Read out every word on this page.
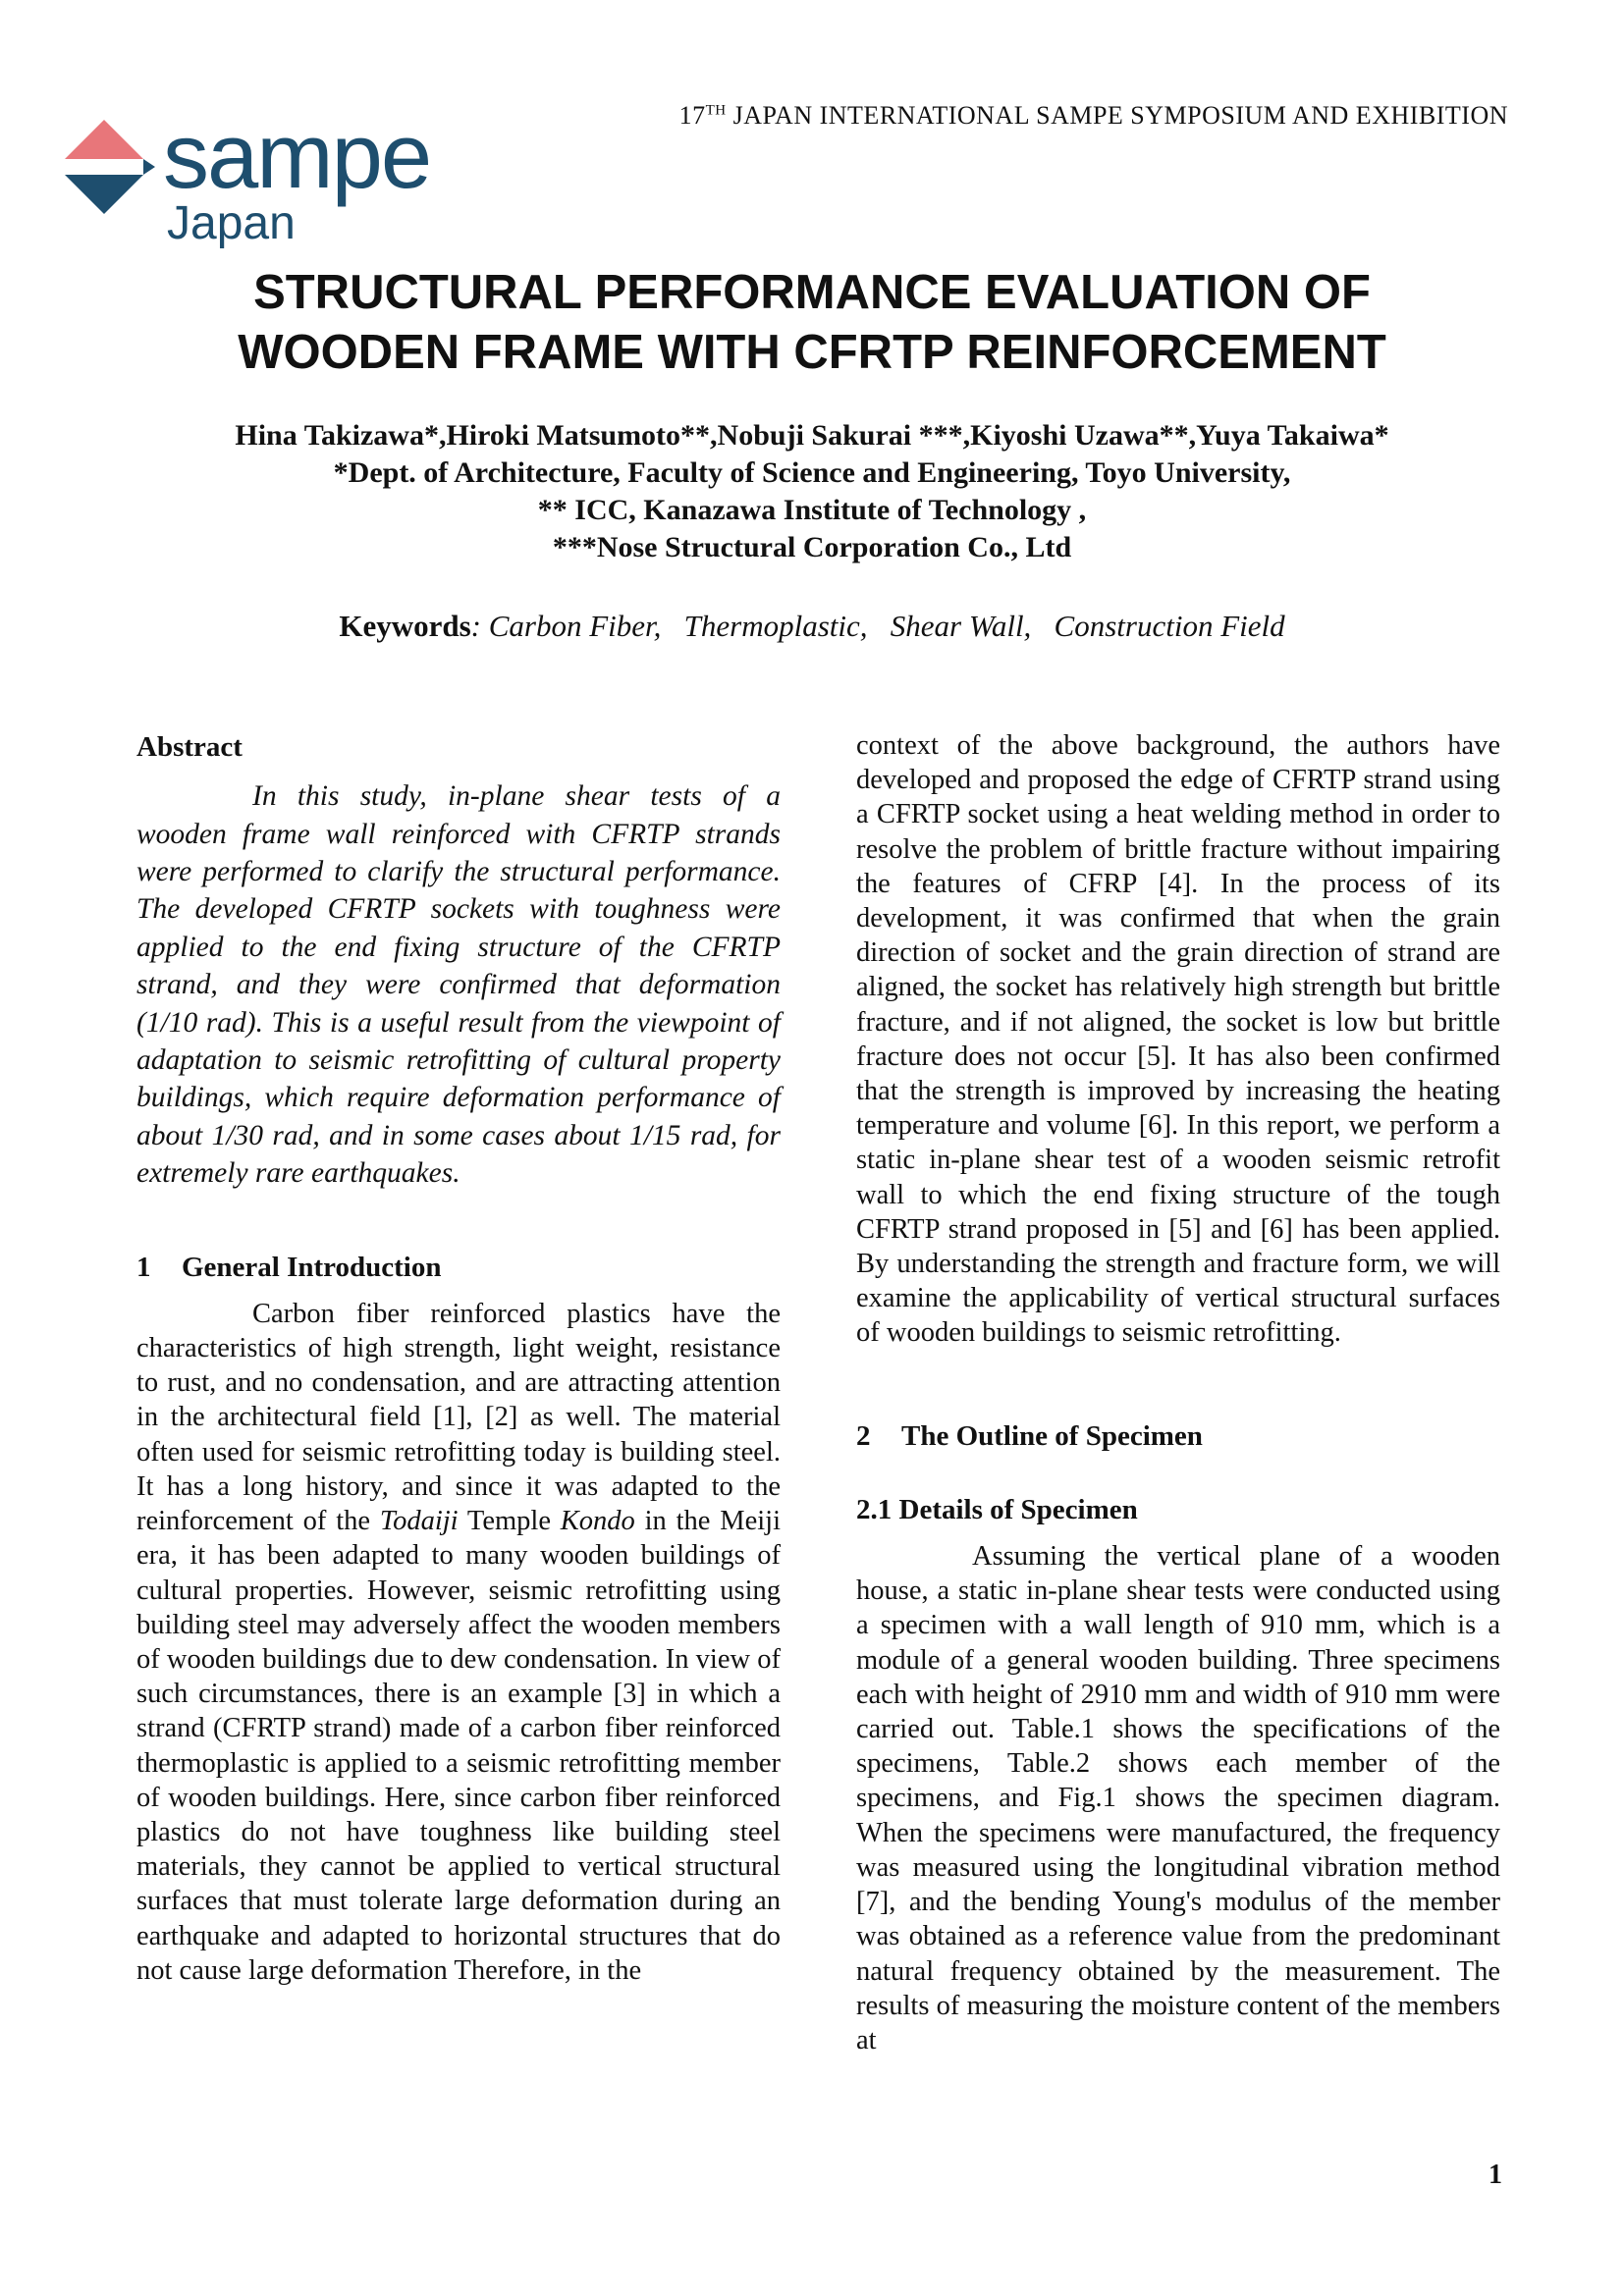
sampe
Japan
17TH JAPAN INTERNATIONAL SAMPE SYMPOSIUM AND EXHIBITION
STRUCTURAL PERFORMANCE EVALUATION OF
WOODEN FRAME WITH CFRTP REINFORCEMENT
Hina Takizawa*,Hiroki Matsumoto**,Nobuji Sakurai ***,Kiyoshi Uzawa**,Yuya Takaiwa*
*Dept. of Architecture, Faculty of Science and Engineering, Toyo University,
** ICC, Kanazawa Institute of Technology ,
***Nose Structural Corporation Co., Ltd
Keywords: Carbon Fiber,   Thermoplastic,   Shear Wall,   Construction Field

Abstract

In this study, in-plane shear tests of a wooden frame wall reinforced with CFRTP strands were performed to clarify the structural performance. The developed CFRTP sockets with toughness were applied to the end fixing structure of the CFRTP strand, and they were confirmed that deformation (1/10 rad). This is a useful result from the viewpoint of adaptation to seismic retrofitting of cultural property buildings, which require deformation performance of about 1/30 rad, and in some cases about 1/15 rad, for extremely rare earthquakes.

1 General Introduction

Carbon fiber reinforced plastics have the characteristics of high strength, light weight, resistance to rust, and no condensation, and are attracting attention in the architectural field [1], [2] as well. The material often used for seismic retrofitting today is building steel. It has a long history, and since it was adapted to the reinforcement of the Todaiji Temple Kondo in the Meiji era, it has been adapted to many wooden buildings of cultural properties. However, seismic retrofitting using building steel may adversely affect the wooden members of wooden buildings due to dew condensation. In view of such circumstances, there is an example [3] in which a strand (CFRTP strand) made of a carbon fiber reinforced thermoplastic is applied to a seismic retrofitting member of wooden buildings. Here, since carbon fiber reinforced plastics do not have toughness like building steel materials, they cannot be applied to vertical structural surfaces that must tolerate large deformation during an earthquake and adapted to horizontal structures that do not cause large deformation Therefore, in the

context of the above background, the authors have developed and proposed the edge of CFRTP strand using a CFRTP socket using a heat welding method in order to resolve the problem of brittle fracture without impairing the features of CFRP [4]. In the process of its development, it was confirmed that when the grain direction of socket and the grain direction of strand are aligned, the socket has relatively high strength but brittle fracture, and if not aligned, the socket is low but brittle fracture does not occur [5]. It has also been confirmed that the strength is improved by increasing the heating temperature and volume [6]. In this report, we perform a static in-plane shear test of a wooden seismic retrofit wall to which the end fixing structure of the tough CFRTP strand proposed in [5] and [6] has been applied. By understanding the strength and fracture form, we will examine the applicability of vertical structural surfaces of wooden buildings to seismic retrofitting.

2 The Outline of Specimen

2.1 Details of Specimen

Assuming the vertical plane of a wooden house, a static in-plane shear tests were conducted using a specimen with a wall length of 910 mm, which is a module of a general wooden building. Three specimens each with height of 2910 mm and width of 910 mm were carried out. Table.1 shows the specifications of the specimens, Table.2 shows each member of the specimens, and Fig.1 shows the specimen diagram. When the specimens were manufactured, the frequency was measured using the longitudinal vibration method [7], and the bending Young's modulus of the member was obtained as a reference value from the predominant natural frequency obtained by the measurement. The results of measuring the moisture content of the members at

1
